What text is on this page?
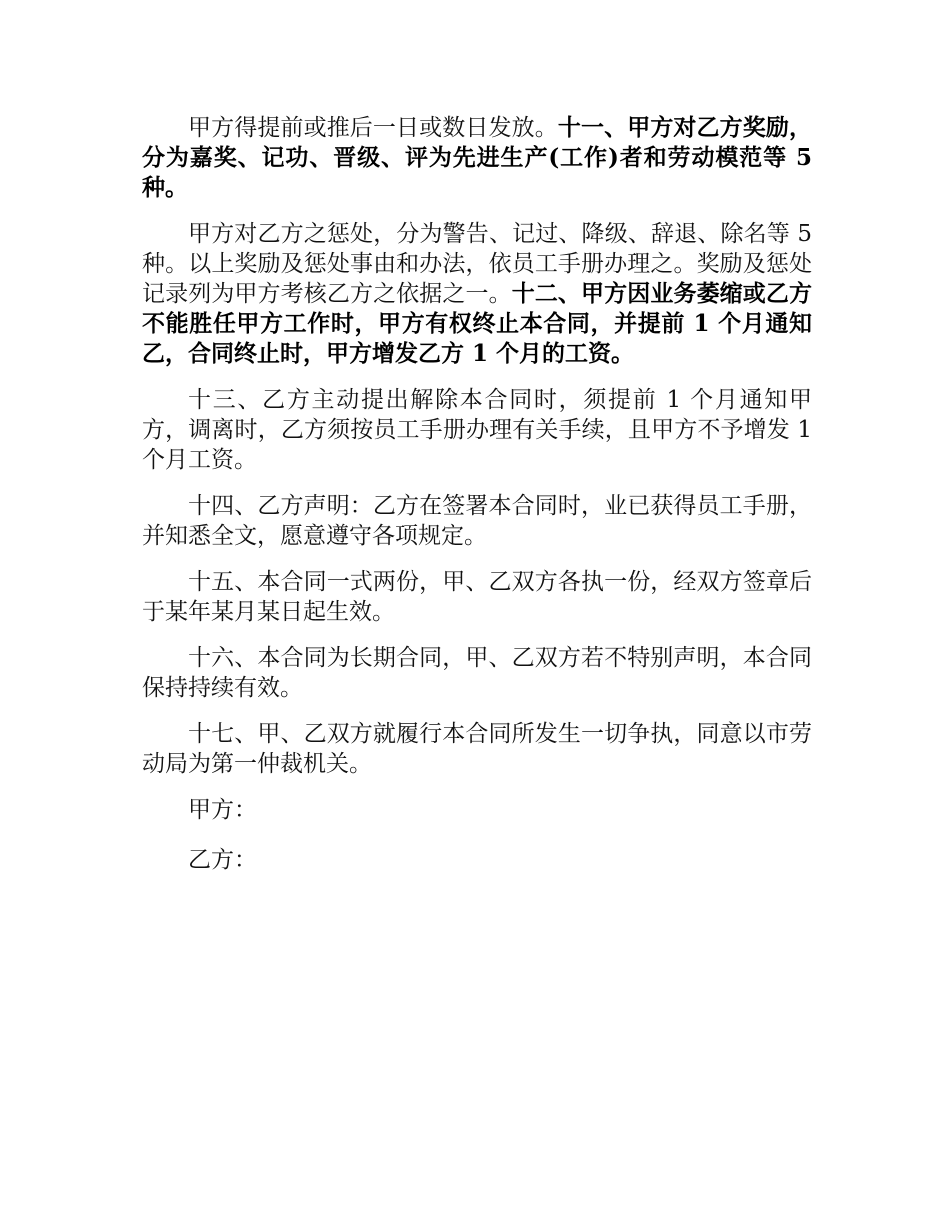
甲方得提前或推后一日或数日发放。十一、甲方对乙方奖励，分为嘉奖、记功、晋级、评为先进生产(工作)者和劳动模范等 5 种。

甲方对乙方之惩处，分为警告、记过、降级、辞退、除名等 5 种。以上奖励及惩处事由和办法，依员工手册办理之。奖励及惩处记录列为甲方考核乙方之依据之一。十二、甲方因业务萎缩或乙方不能胜任甲方工作时，甲方有权终止本合同，并提前 1 个月通知乙，合同终止时，甲方增发乙方 1 个月的工资。

十三、乙方主动提出解除本合同时，须提前 1 个月通知甲方，调离时，乙方须按员工手册办理有关手续，且甲方不予增发 1 个月工资。

十四、乙方声明：乙方在签署本合同时，业已获得员工手册，并知悉全文，愿意遵守各项规定。

十五、本合同一式两份，甲、乙双方各执一份，经双方签章后于某年某月某日起生效。

十六、本合同为长期合同，甲、乙双方若不特别声明，本合同保持持续有效。

十七、甲、乙双方就履行本合同所发生一切争执，同意以市劳动局为第一仲裁机关。

甲方：

乙方：
